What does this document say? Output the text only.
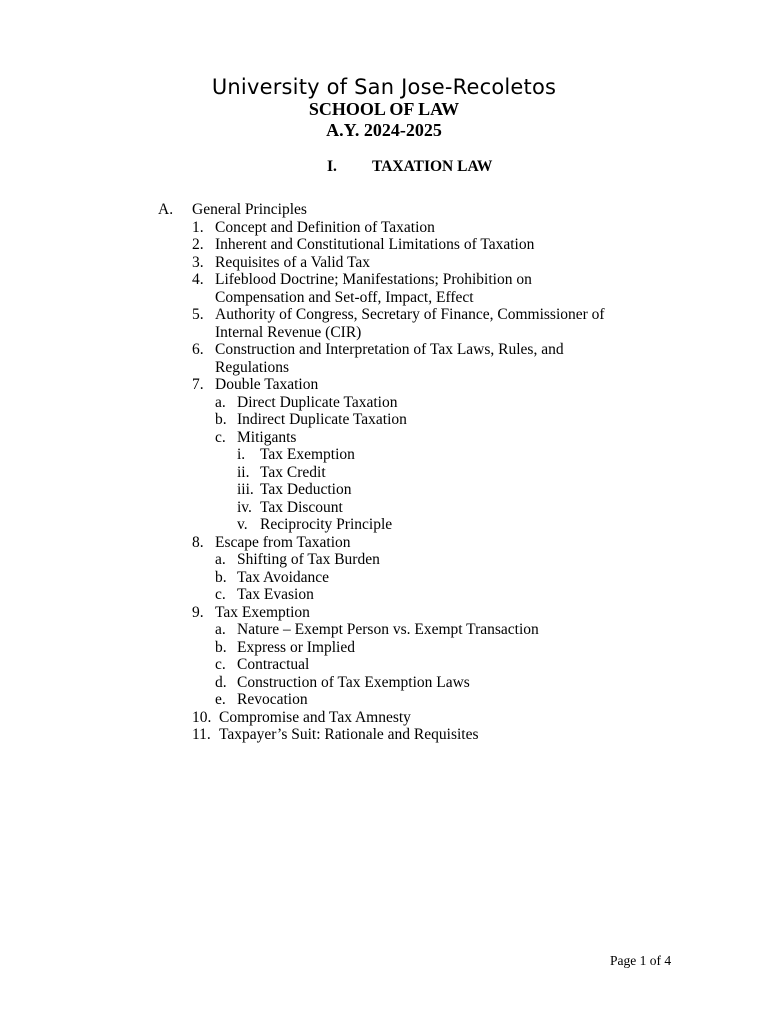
University of San Jose-Recoletos
SCHOOL OF LAW
A.Y. 2024-2025
I. TAXATION LAW
A. General Principles
1. Concept and Definition of Taxation
2. Inherent and Constitutional Limitations of Taxation
3. Requisites of a Valid Tax
4. Lifeblood Doctrine; Manifestations; Prohibition on
Compensation and Set-off, Impact, Effect
5. Authority of Congress, Secretary of Finance, Commissioner of
Internal Revenue (CIR)
6. Construction and Interpretation of Tax Laws, Rules, and
Regulations
7. Double Taxation
a. Direct Duplicate Taxation
b. Indirect Duplicate Taxation
c. Mitigants
i. Tax Exemption
ii. Tax Credit
iii. Tax Deduction
iv. Tax Discount
v. Reciprocity Principle
8. Escape from Taxation
a. Shifting of Tax Burden
b. Tax Avoidance
c. Tax Evasion
9. Tax Exemption
a. Nature – Exempt Person vs. Exempt Transaction
b. Express or Implied
c. Contractual
d. Construction of Tax Exemption Laws
e. Revocation
10. Compromise and Tax Amnesty
11. Taxpayer’s Suit: Rationale and Requisites
Page 1 of 4
